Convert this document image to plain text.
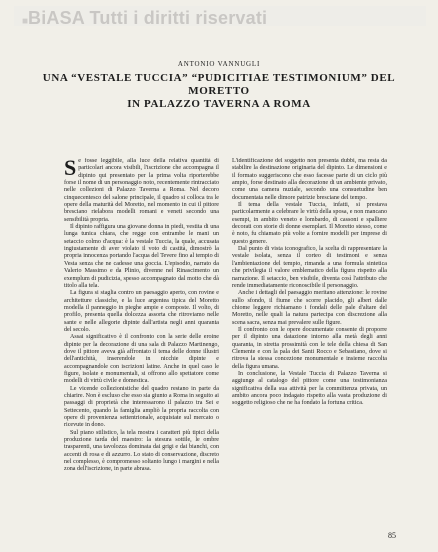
■ BiASA Tutti i diritti riservati
ANTONIO VANNUGLI
UNA “VESTALE TUCCIA” “PUDICITIAE TESTIMONIUM” DEL MORETTO
IN PALAZZO TAVERNA A ROMA

Se fosse leggibile, alla luce della relativa quantità di particolari ancora visibili, l'iscrizione che accompagna il dipinto qui presentato per la prima volta riporterebbe forse il nome di un personaggio noto, recentemente rintracciato nelle collezioni di Palazzo Taverna a Roma. Nel decoro cinquecentesco del salone principale, il quadro si colloca tra le opere della maturità del Moretto, nel momento in cui il pittore bresciano rielabora modelli romani e veneti secondo una sensibilità propria.

Il dipinto raffigura una giovane donna in piedi, vestita di una lunga tunica chiara, che regge con entrambe le mani un setaccio colmo d'acqua: è la vestale Tuccia, la quale, accusata ingiustamente di aver violato il voto di castità, dimostrò la propria innocenza portando l'acqua del Tevere fino al tempio di Vesta senza che ne cadesse una goccia. L'episodio, narrato da Valerio Massimo e da Plinio, divenne nel Rinascimento un exemplum di pudicizia, spesso accompagnato dal motto che dà titolo alla tela.

La figura si staglia contro un paesaggio aperto, con rovine e architetture classiche, e la luce argentea tipica del Moretto modella il panneggio in pieghe ampie e composte. Il volto, di profilo, presenta quella dolcezza assorta che ritroviamo nelle sante e nelle allegorie dipinte dall'artista negli anni quaranta del secolo.

Assai significativo è il confronto con la serie delle eroine dipinte per la decorazione di una sala di Palazzo Martinengo, dove il pittore aveva già affrontato il tema delle donne illustri dell'antichità, inserendole in nicchie dipinte e accompagnandole con iscrizioni latine. Anche in quel caso le figure, isolate e monumentali, si offrono allo spettatore come modelli di virtù civile e domestica.

Le vicende collezionistiche del quadro restano in parte da chiarire. Non è escluso che esso sia giunto a Roma in seguito ai passaggi di proprietà che interessarono il palazzo tra Sei e Settecento, quando la famiglia ampliò la propria raccolta con opere di provenienza settentrionale, acquistate sul mercato o ricevute in dono.

Sul piano stilistico, la tela mostra i caratteri più tipici della produzione tarda del maestro: la stesura sottile, le ombre trasparenti, una tavolozza dominata dai grigi e dai bianchi, con accenti di rosa e di azzurro. Lo stato di conservazione, discreto nel complesso, è compromesso soltanto lungo i margini e nella zona dell'iscrizione, in parte abrasa.

L'identificazione del soggetto non presenta dubbi, ma resta da stabilire la destinazione originaria del dipinto. Le dimensioni e il formato suggeriscono che esso facesse parte di un ciclo più ampio, forse destinato alla decorazione di un ambiente privato, come una camera nuziale, secondo una consuetudine ben documentata nelle dimore patrizie bresciane del tempo.

Il tema della vestale Tuccia, infatti, si prestava particolarmente a celebrare le virtù della sposa, e non mancano esempi, in ambito veneto e lombardo, di cassoni e spalliere decorati con storie di donne esemplari. Il Moretto stesso, come è noto, fu chiamato più volte a fornire modelli per imprese di questo genere.

Dal punto di vista iconografico, la scelta di rappresentare la vestale isolata, senza il corteo di testimoni e senza l'ambientazione del tempio, rimanda a una formula sintetica che privilegia il valore emblematico della figura rispetto alla narrazione. Il setaccio, ben visibile, diventa così l'attributo che rende immediatamente riconoscibile il personaggio.

Anche i dettagli del paesaggio meritano attenzione: le rovine sullo sfondo, il fiume che scorre placido, gli alberi dalle chiome leggere richiamano i fondali delle pale d'altare del Moretto, nelle quali la natura partecipa con discrezione alla scena sacra, senza mai prevalere sulle figure.

Il confronto con le opere documentate consente di proporre per il dipinto una datazione intorno alla metà degli anni quaranta, in stretta prossimità con le tele della chiesa di San Clemente e con la pala dei Santi Rocco e Sebastiano, dove si ritrova la stessa concezione monumentale e insieme raccolta della figura umana.

In conclusione, la Vestale Tuccia di Palazzo Taverna si aggiunge al catalogo del pittore come una testimonianza significativa della sua attività per la committenza privata, un ambito ancora poco indagato rispetto alla vasta produzione di soggetto religioso che ne ha fondato la fortuna critica.

85
